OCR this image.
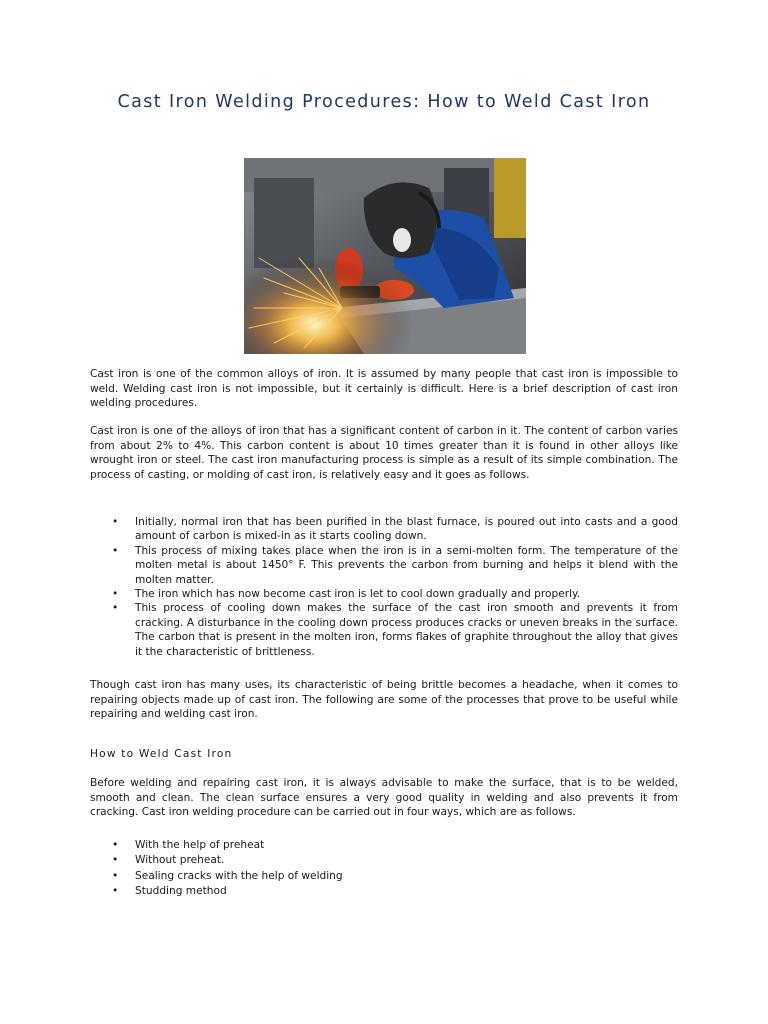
Cast Iron Welding Procedures: How to Weld Cast Iron

Cast iron is one of the common alloys of iron. It is assumed by many people that cast iron is impossible to weld. Welding cast iron is not impossible, but it certainly is difficult. Here is a brief description of cast iron welding procedures.

Cast iron is one of the alloys of iron that has a significant content of carbon in it. The content of carbon varies from about 2% to 4%. This carbon content is about 10 times greater than it is found in other alloys like wrought iron or steel. The cast iron manufacturing process is simple as a result of its simple combination. The process of casting, or molding of cast iron, is relatively easy and it goes as follows.

• Initially, normal iron that has been purified in the blast furnace, is poured out into casts and a good amount of carbon is mixed-in as it starts cooling down.
• This process of mixing takes place when the iron is in a semi-molten form. The temperature of the molten metal is about 1450° F. This prevents the carbon from burning and helps it blend with the molten matter.
• The iron which has now become cast iron is let to cool down gradually and properly.
• This process of cooling down makes the surface of the cast iron smooth and prevents it from cracking. A disturbance in the cooling down process produces cracks or uneven breaks in the surface. The carbon that is present in the molten iron, forms flakes of graphite throughout the alloy that gives it the characteristic of brittleness.

Though cast iron has many uses, its characteristic of being brittle becomes a headache, when it comes to repairing objects made up of cast iron. The following are some of the processes that prove to be useful while repairing and welding cast iron.

How to Weld Cast Iron

Before welding and repairing cast iron, it is always advisable to make the surface, that is to be welded, smooth and clean. The clean surface ensures a very good quality in welding and also prevents it from cracking. Cast iron welding procedure can be carried out in four ways, which are as follows.

• With the help of preheat
• Without preheat.
• Sealing cracks with the help of welding
• Studding method
